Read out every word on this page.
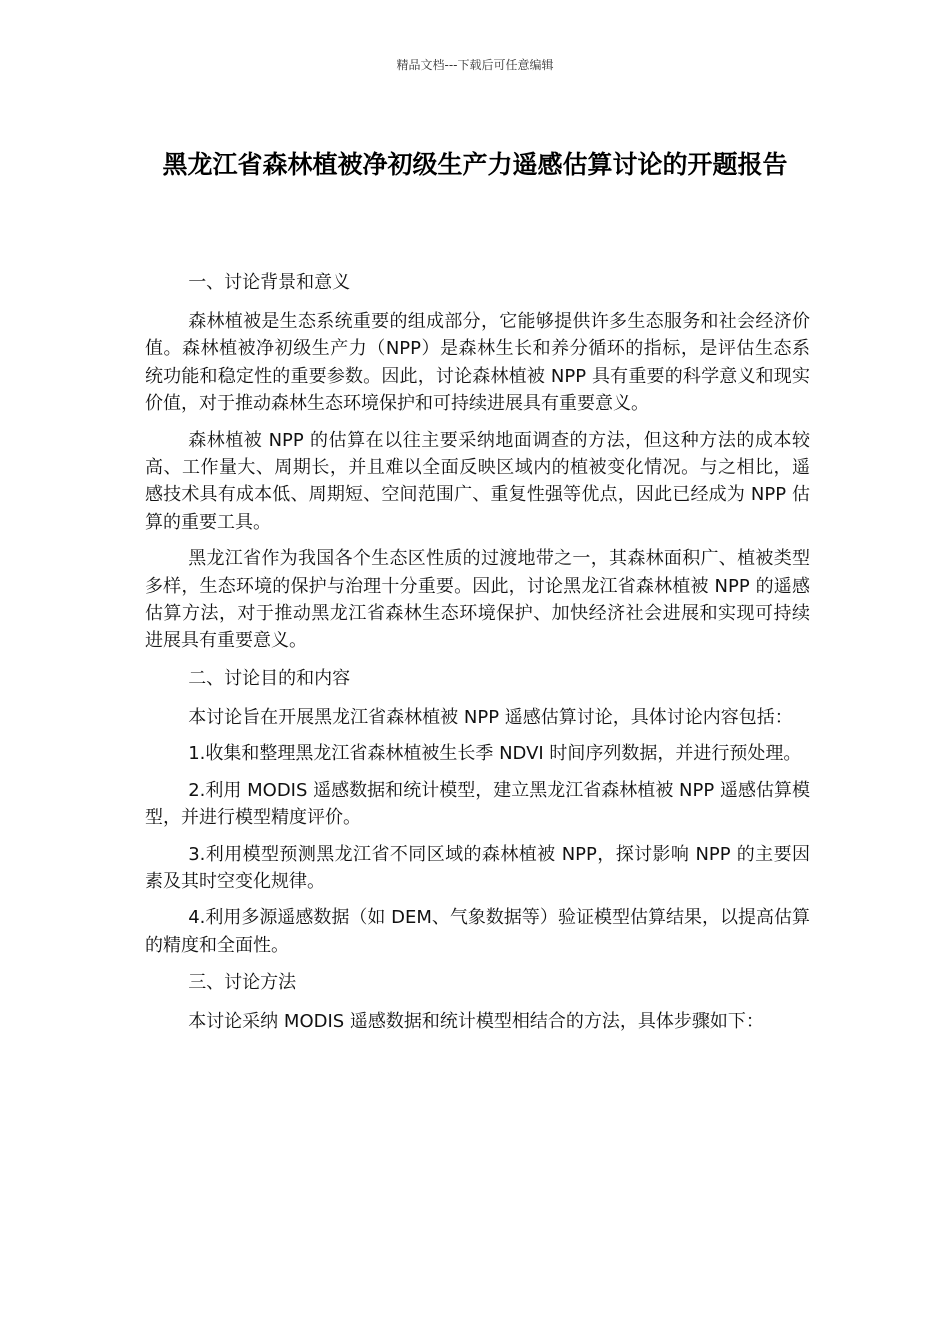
精品文档---下载后可任意编辑
黑龙江省森林植被净初级生产力遥感估算讨论的开题报告

一、讨论背景和意义

森林植被是生态系统重要的组成部分，它能够提供许多生态服务和社会经济价值。森林植被净初级生产力（NPP）是森林生长和养分循环的指标，是评估生态系统功能和稳定性的重要参数。因此，讨论森林植被 NPP 具有重要的科学意义和现实价值，对于推动森林生态环境保护和可持续进展具有重要意义。

森林植被 NPP 的估算在以往主要采纳地面调查的方法，但这种方法的成本较高、工作量大、周期长，并且难以全面反映区域内的植被变化情况。与之相比，遥感技术具有成本低、周期短、空间范围广、重复性强等优点，因此已经成为 NPP 估算的重要工具。

黑龙江省作为我国各个生态区性质的过渡地带之一，其森林面积广、植被类型多样，生态环境的保护与治理十分重要。因此，讨论黑龙江省森林植被 NPP 的遥感估算方法，对于推动黑龙江省森林生态环境保护、加快经济社会进展和实现可持续进展具有重要意义。

二、讨论目的和内容

本讨论旨在开展黑龙江省森林植被 NPP 遥感估算讨论，具体讨论内容包括：

1.收集和整理黑龙江省森林植被生长季 NDVI 时间序列数据，并进行预处理。

2.利用 MODIS 遥感数据和统计模型，建立黑龙江省森林植被 NPP 遥感估算模型，并进行模型精度评价。

3.利用模型预测黑龙江省不同区域的森林植被 NPP，探讨影响 NPP 的主要因素及其时空变化规律。

4.利用多源遥感数据（如 DEM、气象数据等）验证模型估算结果，以提高估算的精度和全面性。

三、讨论方法

本讨论采纳 MODIS 遥感数据和统计模型相结合的方法，具体步骤如下：
